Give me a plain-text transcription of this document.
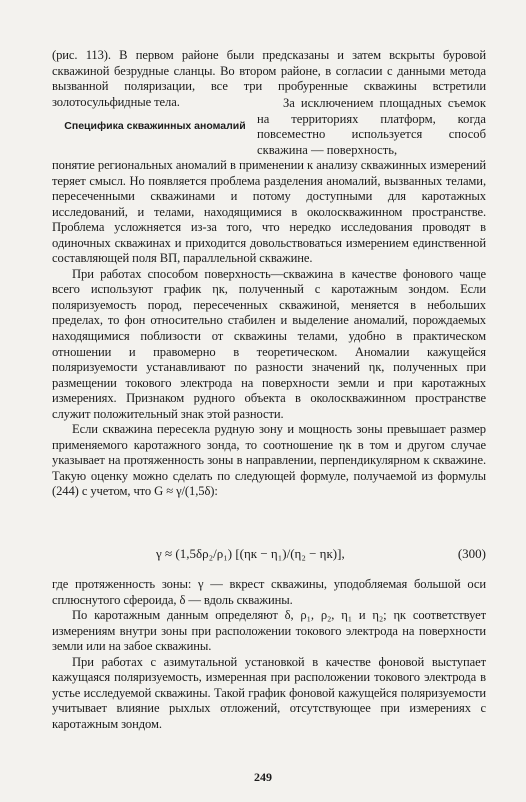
(рис. 113). В первом районе были предсказаны и затем вскрыты буровой скважиной безрудные сланцы. Во втором районе, в согласии с данными метода вызванной поляризации, все три пробуренные скважины встретили золотосульфидные тела.

Специфика скважинных аномалий
За исключением площадных съемок на территориях платформ, когда повсеместно используется способ скважина — поверхность,

понятие региональных аномалий в применении к анализу скважинных измерений теряет смысл. Но появляется проблема разделения аномалий, вызванных телами, пересеченными скважинами и потому доступными для каротажных исследований, и телами, находящимися в околоскважинном пространстве. Проблема усложняется из-за того, что нередко исследования проводят в одиночных скважинах и приходится довольствоваться измерением единственной составляющей поля ВП, параллельной скважине.

При работах способом поверхность—скважина в качестве фонового чаще всего используют график ηк, полученный с каротажным зондом. Если поляризуемость пород, пересеченных скважиной, меняется в небольших пределах, то фон относительно стабилен и выделение аномалий, порождаемых находящимися поблизости от скважины телами, удобно в практическом отношении и правомерно в теоретическом. Аномалии кажущейся поляризуемости устанавливают по разности значений ηк, полученных при размещении токового электрода на поверхности земли и при каротажных измерениях. Признаком рудного объекта в околоскважинном пространстве служит положительный знак этой разности.

Если скважина пересекла рудную зону и мощность зоны превышает размер применяемого каротажного зонда, то соотношение ηк в том и другом случае указывает на протяженность зоны в направлении, перпендикулярном к скважине. Такую оценку можно сделать по следующей формуле, получаемой из формулы (244) с учетом, что G ≈ γ/(1,5δ):

γ ≈ (1,5δρ₂/ρ₁) [(ηк − η₁)/(η₂ − ηк)],	(300)

где протяженность зоны: γ — вкрест скважины, уподобляемая большой оси сплюснутого сфероида, δ — вдоль скважины.

По каротажным данным определяют δ, ρ₁, ρ₂, η₁ и η₂; ηк соответствует измерениям внутри зоны при расположении токового электрода на поверхности земли или на забое скважины.

При работах с азимутальной установкой в качестве фоновой выступает кажущаяся поляризуемость, измеренная при расположении токового электрода в устье исследуемой скважины. Такой график фоновой кажущейся поляризуемости учитывает влияние рыхлых отложений, отсутствующее при измерениях с каротажным зондом.

249
